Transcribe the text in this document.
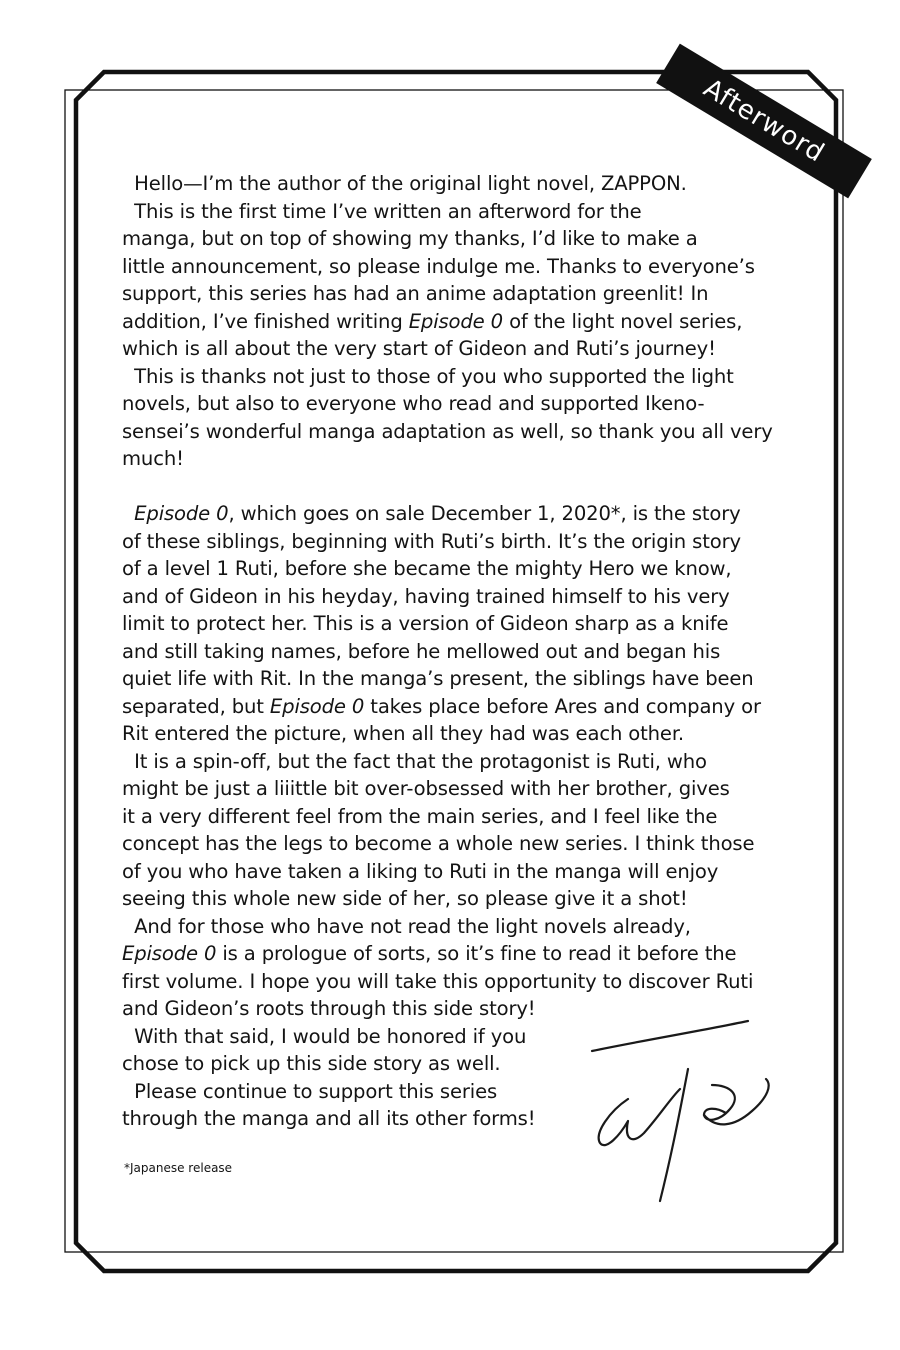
Afterword
Hello—I’m the author of the original light novel, ZAPPON.
This is the first time I’ve written an afterword for the
manga, but on top of showing my thanks, I’d like to make a
little announcement, so please indulge me. Thanks to everyone’s
support, this series has had an anime adaptation greenlit! In
addition, I’ve finished writing Episode 0 of the light novel series,
which is all about the very start of Gideon and Ruti’s journey!
This is thanks not just to those of you who supported the light
novels, but also to everyone who read and supported Ikeno-
sensei’s wonderful manga adaptation as well, so thank you all very
much!
Episode 0, which goes on sale December 1, 2020*, is the story
of these siblings, beginning with Ruti’s birth. It’s the origin story
of a level 1 Ruti, before she became the mighty Hero we know,
and of Gideon in his heyday, having trained himself to his very
limit to protect her. This is a version of Gideon sharp as a knife
and still taking names, before he mellowed out and began his
quiet life with Rit. In the manga’s present, the siblings have been
separated, but Episode 0 takes place before Ares and company or
Rit entered the picture, when all they had was each other.
It is a spin-off, but the fact that the protagonist is Ruti, who
might be just a liiittle bit over-obsessed with her brother, gives
it a very different feel from the main series, and I feel like the
concept has the legs to become a whole new series. I think those
of you who have taken a liking to Ruti in the manga will enjoy
seeing this whole new side of her, so please give it a shot!
And for those who have not read the light novels already,
Episode 0 is a prologue of sorts, so it’s fine to read it before the
first volume. I hope you will take this opportunity to discover Ruti
and Gideon’s roots through this side story!
With that said, I would be honored if you
chose to pick up this side story as well.
Please continue to support this series
through the manga and all its other forms!
*Japanese release
